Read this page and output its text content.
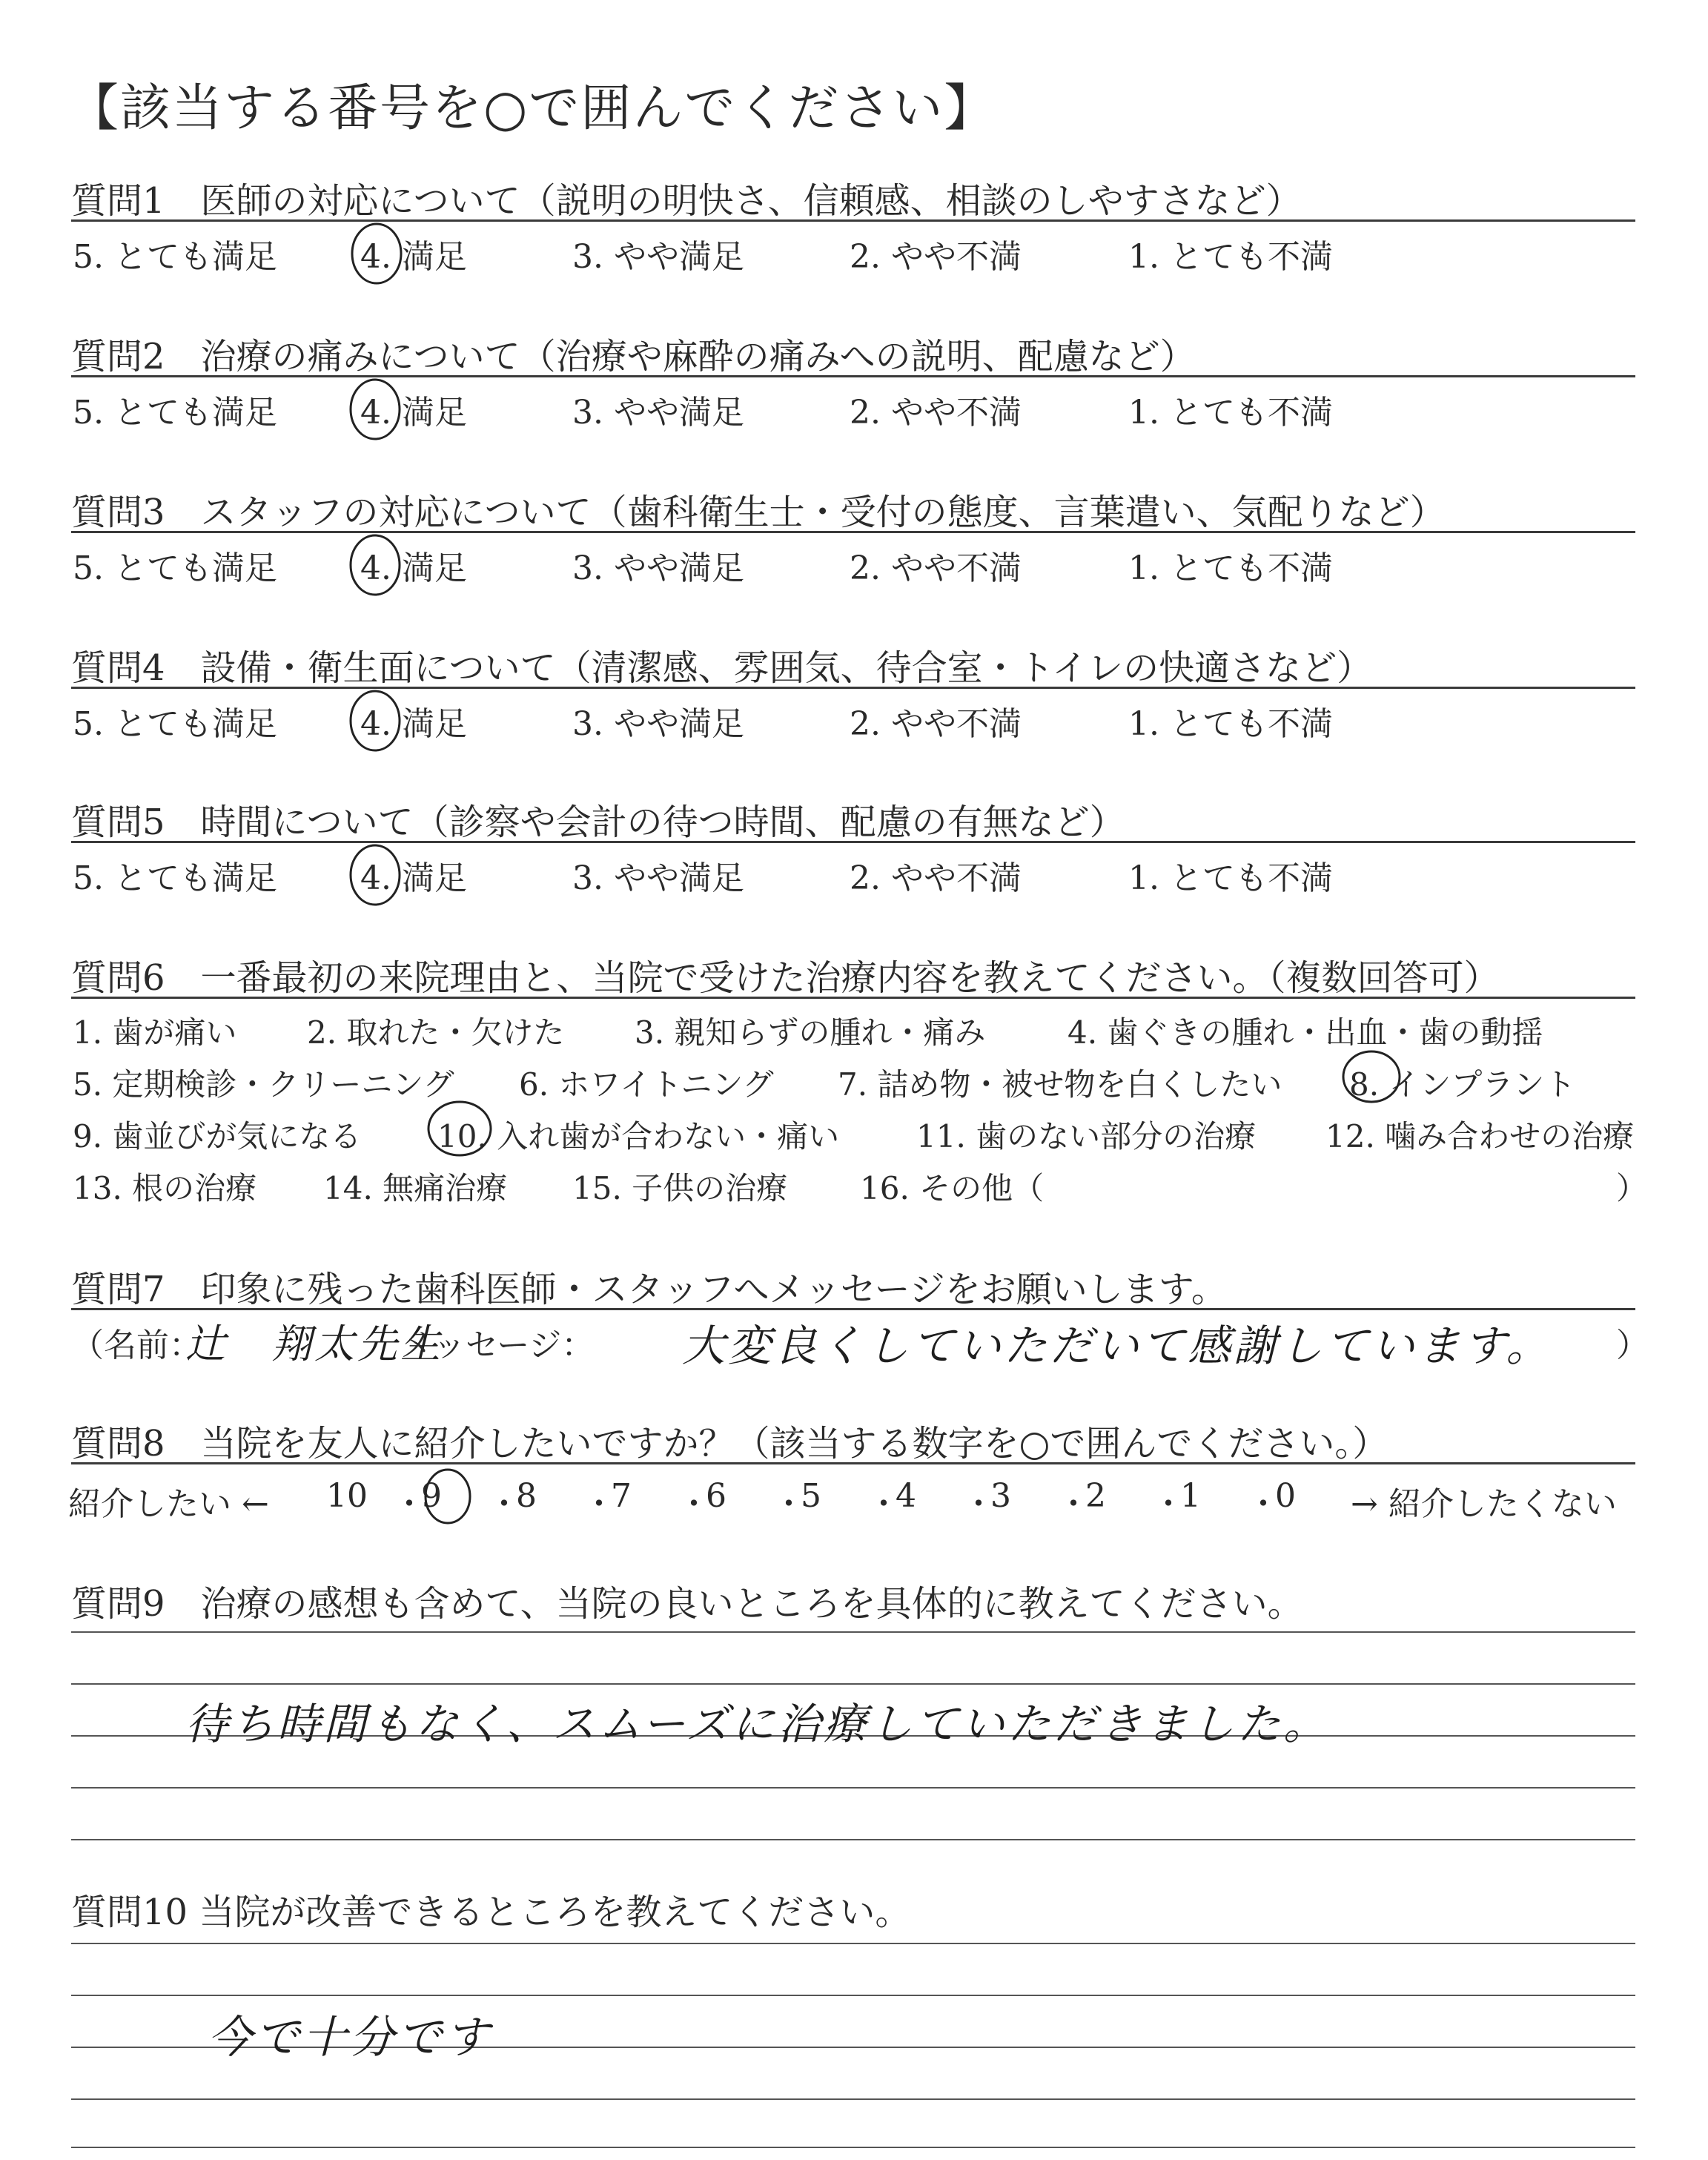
【該当する番号を○で囲んでください】
質問1　医師の対応について（説明の明快さ、信頼感、相談のしやすさなど）
5. とても満足	4. 満足	3. やや満足	2. やや不満	1. とても不満
質問2　治療の痛みについて（治療や麻酔の痛みへの説明、配慮など）
5. とても満足	4. 満足	3. やや満足	2. やや不満	1. とても不満
質問3　スタッフの対応について（歯科衛生士・受付の態度、言葉遣い、気配りなど）
5. とても満足	4. 満足	3. やや満足	2. やや不満	1. とても不満
質問4　設備・衛生面について（清潔感、雰囲気、待合室・トイレの快適さなど）
5. とても満足	4. 満足	3. やや満足	2. やや不満	1. とても不満
質問5　時間について（診察や会計の待つ時間、配慮の有無など）
5. とても満足	4. 満足	3. やや満足	2. やや不満	1. とても不満
質問6　一番最初の来院理由と、当院で受けた治療内容を教えてください。（複数回答可）
1. 歯が痛い 2. 取れた・欠けた 3. 親知らずの腫れ・痛み	4. 歯ぐきの腫れ・出血・歯の動揺
5. 定期検診・クリーニング 6. ホワイトニング 7. 詰め物・被せ物を白くしたい 8. インプラント
9. 歯並びが気になる 10. 入れ歯が合わない・痛い 11. 歯のない部分の治療 12. 噛み合わせの治療
13. 根の治療 14. 無痛治療 15. 子供の治療 16. その他（	）
質問7　印象に残った歯科医師・スタッフへメッセージをお願いします。
（名前：
辻　翔太先生
メッセージ： 大変良くしていただいて感謝しています。 ）
質問8　当院を友人に紹介したいですか？（該当する数字を○で囲んでください。）
紹介したい ← 10 ・
9 ・
8 ・
7 ・
6 ・
5 ・
4 ・
3 ・
2 ・
1 ・
0 → 紹介したくない
質問9　治療の感想も含めて、当院の良いところを具体的に教えてください。
待ち時間もなく、スムーズに治療していただきました。
質問10 当院が改善できるところを教えてください。
今で十分です
